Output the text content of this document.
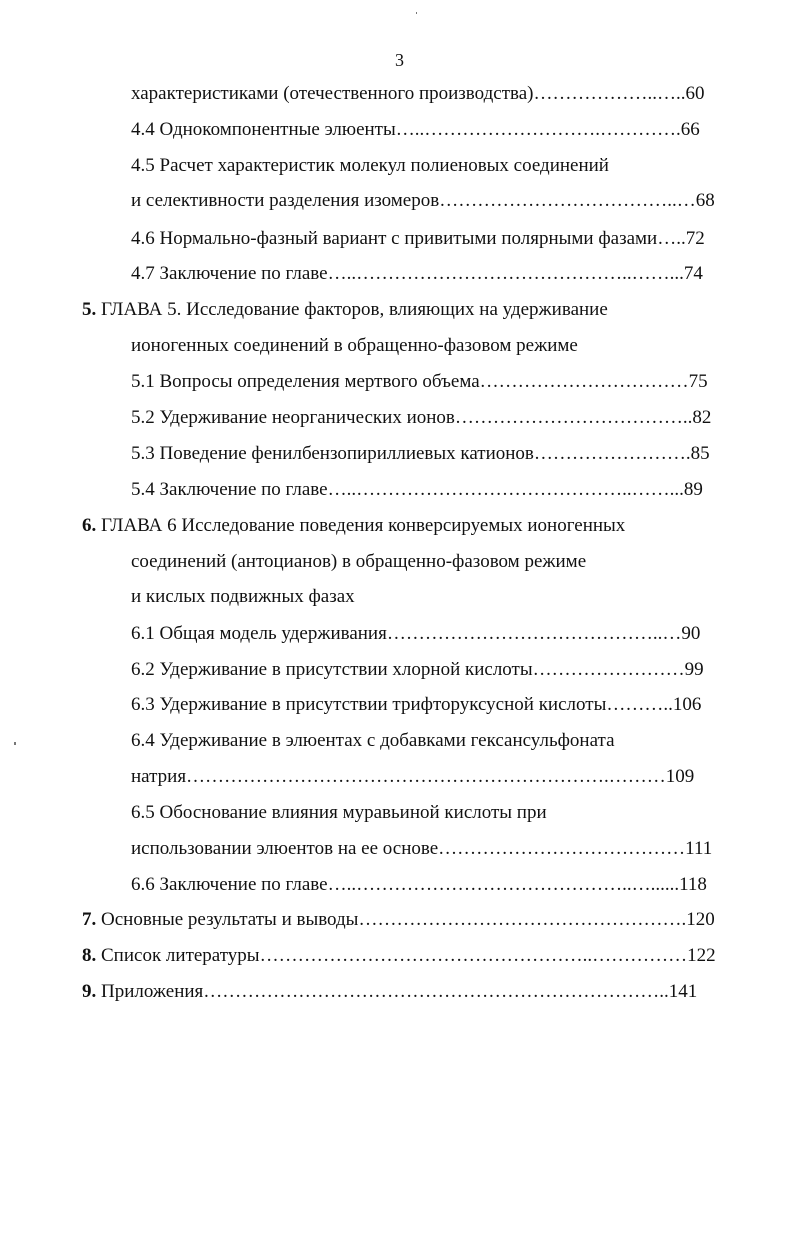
3
характеристиками (отечественного производства)………………..…..60
4.4 Однокомпонентные элюенты…..……………………….………….66
4.5 Расчет характеристик молекул полиеновых соединений
и селективности разделения изомеров………………………………..…68
4.6 Нормально-фазный вариант с привитыми полярными фазами…..72
4.7 Заключение по главе…..……………………………………..……...74
5. ГЛАВА 5. Исследование факторов, влияющих на удерживание
ионогенных соединений в обращенно-фазовом режиме
5.1 Вопросы определения мертвого объема……………………………75
5.2 Удерживание неорганических ионов………………………………..82
5.3 Поведение фенилбензопириллиевых катионов…………………….85
5.4 Заключение по главе…..……………………………………..……...89
6. ГЛАВА 6 Исследование поведения конверсируемых ионогенных
соединений (антоцианов) в обращенно-фазовом режиме
и кислых подвижных фазах
6.1 Общая модель удерживания……………………………………..…90
6.2 Удерживание в присутствии хлорной кислоты……………………99
6.3 Удерживание в присутствии трифторуксусной кислоты………..106
6.4 Удерживание в элюентах с добавками гексансульфоната
натрия………………………………………………………….………109
6.5 Обоснование влияния муравьиной кислоты при
использовании элюентов на ее основе…………………………………111
6.6 Заключение по главе…..……………………………………..…......118
7. Основные результаты и выводы…………………………………………….120
8. Список литературы……………………………………………..……………122
9. Приложения………………………………………………………………..141
